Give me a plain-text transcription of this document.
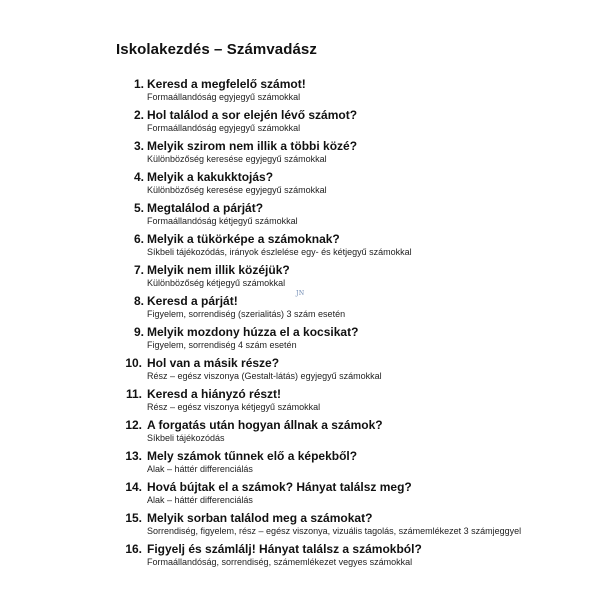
Iskolakezdés – Számvadász
1. Keresd a megfelelő számot!
Formaállandóság egyjegyű számokkal
2. Hol találod a sor elején lévő számot?
Formaállandóság egyjegyű számokkal
3. Melyik szirom nem illik a többi közé?
Különbözőség keresése egyjegyű számokkal
4. Melyik a kakukktojás?
Különbözőség keresése egyjegyű számokkal
5. Megtalálod a párját?
Formaállandóság kétjegyű számokkal
6. Melyik a tükörképe a számoknak?
Síkbeli tájékozódás, irányok észlelése egy- és kétjegyű számokkal
7. Melyik nem illik közéjük?
Különbözőség kétjegyű számokkal
8. Keresd a párját!
Figyelem, sorrendiség (szerialitás) 3 szám esetén
9. Melyik mozdony húzza el a kocsikat?
Figyelem, sorrendiség 4 szám esetén
10. Hol van a másik része?
Rész – egész viszonya (Gestalt-látás) egyjegyű számokkal
11. Keresd a hiányzó részt!
Rész – egész viszonya kétjegyű számokkal
12. A forgatás után hogyan állnak a számok?
Síkbeli tájékozódás
13. Mely számok tűnnek elő a képekből?
Alak – háttér differenciálás
14. Hová bújtak el a számok? Hányat találsz meg?
Alak – háttér differenciálás
15. Melyik sorban találod meg a számokat?
Sorrendiség, figyelem, rész – egész viszonya, vizuális tagolás, számemlékezet 3 számjeggyel
16. Figyelj és számlálj! Hányat találsz a számokból?
Formaállandóság, sorrendiség, számemlékezet vegyes számokkal
JN
